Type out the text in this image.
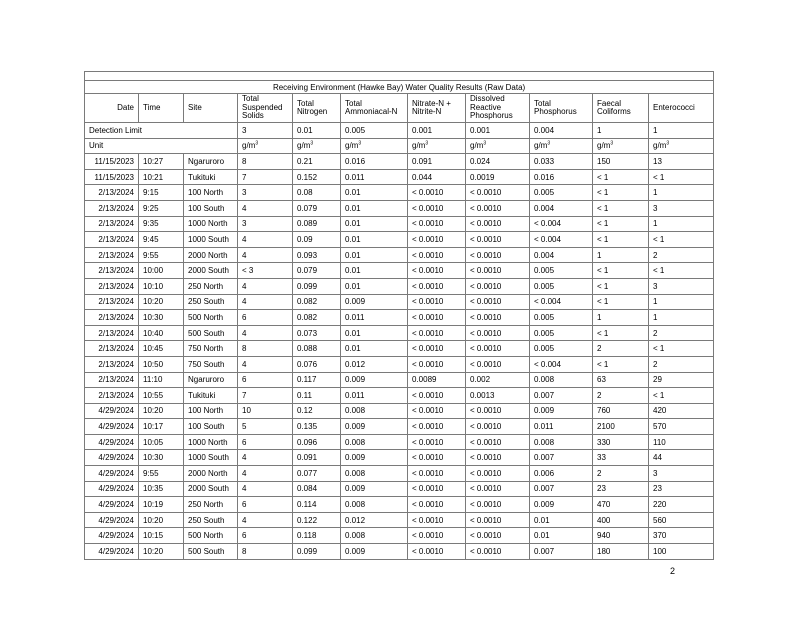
Receiving Environment (Hawke Bay) Water Quality Results (Raw Data)										
Date	Time	Site	Total Suspended Solids	Total Nitrogen	Total Ammoniacal-N	Nitrate-N + Nitrite-N	Dissolved Reactive Phosphorus	Total Phosphorus	Faecal Coliforms	Enterococci
Detection Limit			3	0.01	0.005	0.001	0.001	0.004	1	1
Unit			$g/m^3$	$g/m^3$	$g/m^3$	$g/m^3$	$g/m^3$	$g/m^3$	$g/m^3$	$g/m^3$
11/15/2023	10:27	Ngaruroro	8	0.21	0.016	0.091	0.024	0.033	150	13
11/15/2023	10:21	Tukituki	7	0.152	0.011	0.044	0.0019	0.016	< 1	< 1
2/13/2024	9:15	100 North	3	0.08	0.01	< 0.0010	< 0.0010	0.005	< 1	1
2/13/2024	9:25	100 South	4	0.079	0.01	< 0.0010	< 0.0010	0.004	< 1	3
2/13/2024	9:35	1000 North	3	0.089	0.01	< 0.0010	< 0.0010	< 0.004	< 1	1
2/13/2024	9:45	1000 South	4	0.09	0.01	< 0.0010	< 0.0010	< 0.004	< 1	< 1
2/13/2024	9:55	2000 North	4	0.093	0.01	< 0.0010	< 0.0010	0.004	1	2
2/13/2024	10:00	2000 South	< 3	0.079	0.01	< 0.0010	< 0.0010	0.005	< 1	< 1
2/13/2024	10:10	250 North	4	0.099	0.01	< 0.0010	< 0.0010	0.005	< 1	3
2/13/2024	10:20	250 South	4	0.082	0.009	< 0.0010	< 0.0010	< 0.004	< 1	1
2/13/2024	10:30	500 North	6	0.082	0.011	< 0.0010	< 0.0010	0.005	1	1
2/13/2024	10:40	500 South	4	0.073	0.01	< 0.0010	< 0.0010	0.005	< 1	2
2/13/2024	10:45	750 North	8	0.088	0.01	< 0.0010	< 0.0010	0.005	2	< 1
2/13/2024	10:50	750 South	4	0.076	0.012	< 0.0010	< 0.0010	< 0.004	< 1	2
2/13/2024	11:10	Ngaruroro	6	0.117	0.009	0.0089	0.002	0.008	63	29
2/13/2024	10:55	Tukituki	7	0.11	0.011	< 0.0010	0.0013	0.007	2	< 1
4/29/2024	10:20	100 North	10	0.12	0.008	< 0.0010	< 0.0010	0.009	760	420
4/29/2024	10:17	100 South	5	0.135	0.009	< 0.0010	< 0.0010	0.011	2100	570
4/29/2024	10:05	1000 North	6	0.096	0.008	< 0.0010	< 0.0010	0.008	330	110
4/29/2024	10:30	1000 South	4	0.091	0.009	< 0.0010	< 0.0010	0.007	33	44
4/29/2024	9:55	2000 North	4	0.077	0.008	< 0.0010	< 0.0010	0.006	2	3
4/29/2024	10:35	2000 South	4	0.084	0.009	< 0.0010	< 0.0010	0.007	23	23
4/29/2024	10:19	250 North	6	0.114	0.008	< 0.0010	< 0.0010	0.009	470	220
4/29/2024	10:20	250 South	4	0.122	0.012	< 0.0010	< 0.0010	0.01	400	560
4/29/2024	10:15	500 North	6	0.118	0.008	< 0.0010	< 0.0010	0.01	940	370
4/29/2024	10:20	500 South	8	0.099	0.009	< 0.0010	< 0.0010	0.007	180	100
2
